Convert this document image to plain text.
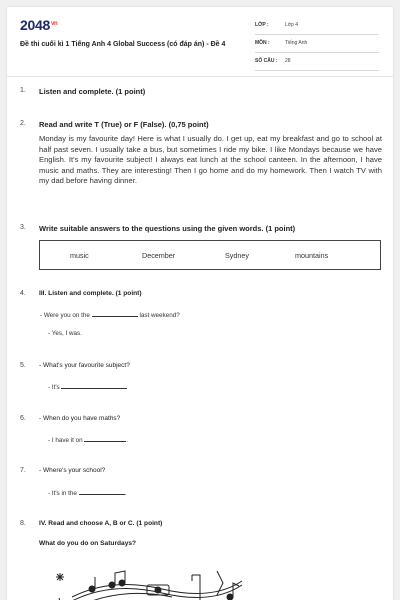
$2048^{vn}$
Đề thi cuối kì 1 Tiếng Anh 4 Global Success (có đáp án) - Đề 4
LỚP :	Lớp 4
MÔN :	Tiếng Anh
SỐ CÂU : 28
1. Listen and complete. (1 point)
2. Read and write T (True) or F (False). (0,75 point)
Monday is my favourite day! Here is what I usually do. I get up, eat my breakfast and go to school at half past seven. I usually take a bus, but sometimes I ride my bike. I like Mondays because we have English. It's my favourite subject! I always eat lunch at the school canteen. In the afternoon, I have music and maths. They are interesting! Then I go home and do my homework. Then I watch TV with my dad before having dinner.
3. Write suitable answers to the questions using the given words. (1 point)
music	December	Sydney	mountains
4. III. Listen and complete. (1 point)
- Were you on the	last weekend?
- Yes, I was.
5. - What's your favourite subject?
- It's
6. - When do you have maths?
- I have it on	.
7. - Where's your school?
- It's in the	.
8. IV. Read and choose A, B or C. (1 point)
What do you do on Saturdays?
